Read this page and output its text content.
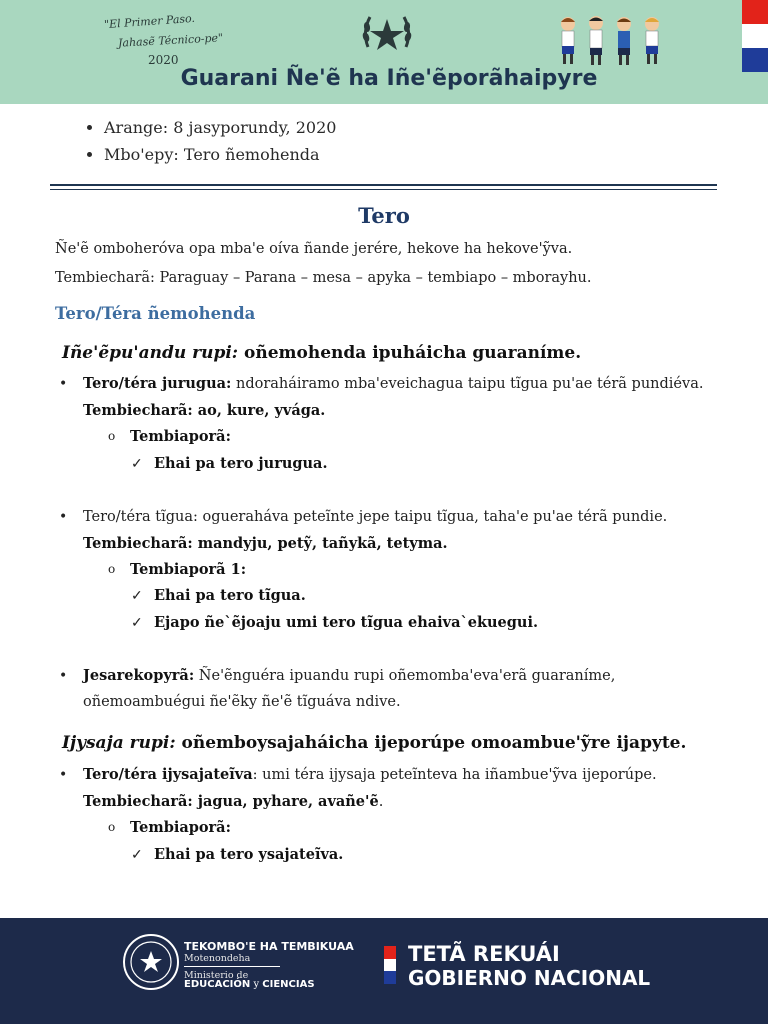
"El Primer Paso.
Jahasẽ Técnico-pe"
2020
Guarani Ñe'ẽ ha Iñe'ẽporãhaipyre
• Arange: 8 jasyporundy, 2020
• Mbo'epy: Tero ñemohenda
Tero
Ñe'ẽ omboheróva opa mba'e oíva ñande jerére, hekove ha hekove'ỹva.
Tembiecharã: Paraguay – Parana – mesa – apyka – tembiapo – mborayhu.
Tero/Téra ñemohenda
Iñe'ẽpu'andu rupi: oñemohenda ipuháicha guaraníme.
• Tero/téra jurugua: ndoraháiramo mba'eveichagua taipu tĩgua pu'ae térã pundiéva.
Tembiecharã: ao, kure, yvága.
o Tembiaporã:
✓ Ehai pa tero jurugua.
• Tero/téra tĩgua: ogueraháva peteĩnte jepe taipu tĩgua, taha'e pu'ae térã pundie.
Tembiecharã: mandyju, petỹ, tañykã, tetyma.
o Tembiaporã 1:
✓ Ehai pa tero tĩgua.
✓ Ejapo ñe`ẽjoaju umi tero tĩgua ehaiva`ekuegui.
• Jesarekopyrã: Ñe'ẽnguéra ipuandu rupi oñemomba'eva'erã guaraníme,
oñemoambuégui ñe'ẽky ñe'ẽ tĩguáva ndive.
Ijysaja rupi: oñemboysajaháicha ijeporúpe omoambue'ỹre ijapyte.
• Tero/téra ijysajateĩva: umi téra ijysaja peteĩnteva ha iñambue'ỹva ijeporúpe.
Tembiecharã: jagua, pyhare, avañe'ẽ.
o Tembiaporã:
✓ Ehai pa tero ysajateĩva.
TEKOMBO'E HA TEMBIKUAA
Motenondeha
Ministerio de
EDUCACIÓN y CIENCIAS
TETÃ REKUÁI
GOBIERNO NACIONAL
